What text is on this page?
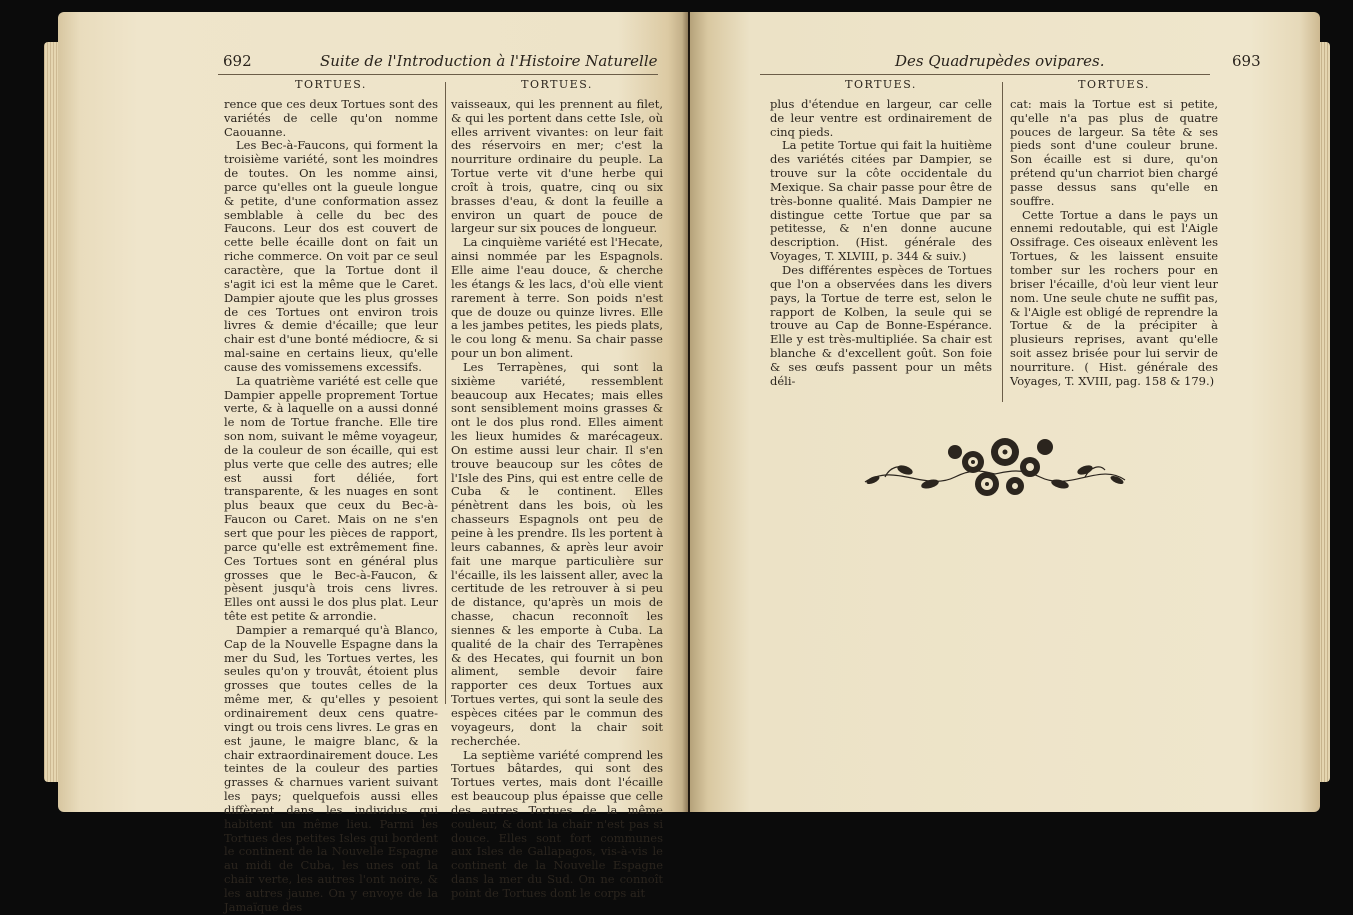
692	Suite de l'Introduction à l'Histoire Naturelle
TORTUES.

rence que ces deux Tortues sont des variétés de celle qu'on nomme Caouanne.

Les Bec-à-Faucons, qui forment la troisième variété, sont les moindres de toutes. On les nomme ainsi, parce qu'elles ont la gueule longue & petite, d'une conformation assez semblable à celle du bec des Faucons. Leur dos est couvert de cette belle écaille dont on fait un riche commerce. On voit par ce seul caractère, que la Tortue dont il s'agit ici est la même que le Caret. Dampier ajoute que les plus grosses de ces Tortues ont environ trois livres & demie d'écaille; que leur chair est d'une bonté médiocre, & si mal-saine en certains lieux, qu'elle cause des vomissemens excessifs.

La quatrième variété est celle que Dampier appelle proprement Tortue verte, & à laquelle on a aussi donné le nom de Tortue franche. Elle tire son nom, suivant le même voyageur, de la couleur de son écaille, qui est plus verte que celle des autres; elle est aussi fort déliée, fort transparente, & les nuages en sont plus beaux que ceux du Bec-à-Faucon ou Caret. Mais on ne s'en sert que pour les pièces de rapport, parce qu'elle est extrêmement fine. Ces Tortues sont en général plus grosses que le Bec-à-Faucon, & pèsent jusqu'à trois cens livres. Elles ont aussi le dos plus plat. Leur tête est petite & arrondie.

Dampier a remarqué qu'à Blanco, Cap de la Nouvelle Espagne dans la mer du Sud, les Tortues vertes, les seules qu'on y trouvât, étoient plus grosses que toutes celles de la même mer, & qu'elles y pesoient ordinairement deux cens quatre-vingt ou trois cens livres. Le gras en est jaune, le maigre blanc, & la chair extraordinairement douce. Les teintes de la couleur des parties grasses & charnues varient suivant les pays; quelquefois aussi elles diffèrent dans les individus qui habitent un même lieu. Parmi les Tortues des petites Isles qui bordent le continent de la Nouvelle Espagne au midi de Cuba, les unes ont la chair verte, les autres l'ont noire, & les autres jaune. On y envoye de la Jamaïque des

TORTUES.

vaisseaux, qui les prennent au filet, & qui les portent dans cette Isle, où elles arrivent vivantes: on leur fait des réservoirs en mer; c'est la nourriture ordinaire du peuple. La Tortue verte vit d'une herbe qui croît à trois, quatre, cinq ou six brasses d'eau, & dont la feuille a environ un quart de pouce de largeur sur six pouces de longueur.

La cinquième variété est l'Hecate, ainsi nommée par les Espagnols. Elle aime l'eau douce, & cherche les étangs & les lacs, d'où elle vient rarement à terre. Son poids n'est que de douze ou quinze livres. Elle a les jambes petites, les pieds plats, le cou long & menu. Sa chair passe pour un bon aliment.

Les Terrapènes, qui sont la sixième variété, ressemblent beaucoup aux Hecates; mais elles sont sensiblement moins grasses & ont le dos plus rond. Elles aiment les lieux humides & marécageux. On estime aussi leur chair. Il s'en trouve beaucoup sur les côtes de l'Isle des Pins, qui est entre celle de Cuba & le continent. Elles pénètrent dans les bois, où les chasseurs Espagnols ont peu de peine à les prendre. Ils les portent à leurs cabannes, & après leur avoir fait une marque particulière sur l'écaille, ils les laissent aller, avec la certitude de les retrouver à si peu de distance, qu'après un mois de chasse, chacun reconnoît les siennes & les emporte à Cuba. La qualité de la chair des Terrapènes & des Hecates, qui fournit un bon aliment, semble devoir faire rapporter ces deux Tortues aux Tortues vertes, qui sont la seule des espèces citées par le commun des voyageurs, dont la chair soit recherchée.

La septième variété comprend les Tortues bâtardes, qui sont des Tortues vertes, mais dont l'écaille est beaucoup plus épaisse que celle des autres Tortues de la même couleur, & dont la chair n'est pas si douce. Elles sont fort communes aux Isles de Gallapagos, vis-à-vis le continent de la Nouvelle Espagne dans la mer du Sud. On ne connoît point de Tortues dont le corps ait

Des Quadrupèdes ovipares.	693
TORTUES.

plus d'étendue en largeur, car celle de leur ventre est ordinairement de cinq pieds.

La petite Tortue qui fait la huitième des variétés citées par Dampier, se trouve sur la côte occidentale du Mexique. Sa chair passe pour être de très-bonne qualité. Mais Dampier ne distingue cette Tortue que par sa petitesse, & n'en donne aucune description. (Hist. générale des Voyages, T. XLVIII, p. 344 & suiv.)

Des différentes espèces de Tortues que l'on a observées dans les divers pays, la Tortue de terre est, selon le rapport de Kolben, la seule qui se trouve au Cap de Bonne-Espérance. Elle y est très-multipliée. Sa chair est blanche & d'excellent goût. Son foie & ses œufs passent pour un mêts déli-

TORTUES.

cat: mais la Tortue est si petite, qu'elle n'a pas plus de quatre pouces de largeur. Sa tête & ses pieds sont d'une couleur brune. Son écaille est si dure, qu'on prétend qu'un charriot bien chargé passe dessus sans qu'elle en souffre.

Cette Tortue a dans le pays un ennemi redoutable, qui est l'Aigle Ossifrage. Ces oiseaux enlèvent les Tortues, & les laissent ensuite tomber sur les rochers pour en briser l'écaille, d'où leur vient leur nom. Une seule chute ne suffit pas, & l'Aigle est obligé de reprendre la Tortue & de la précipiter à plusieurs reprises, avant qu'elle soit assez brisée pour lui servir de nourriture. ( Hist. générale des Voyages, T. XVIII, pag. 158 & 179.)
